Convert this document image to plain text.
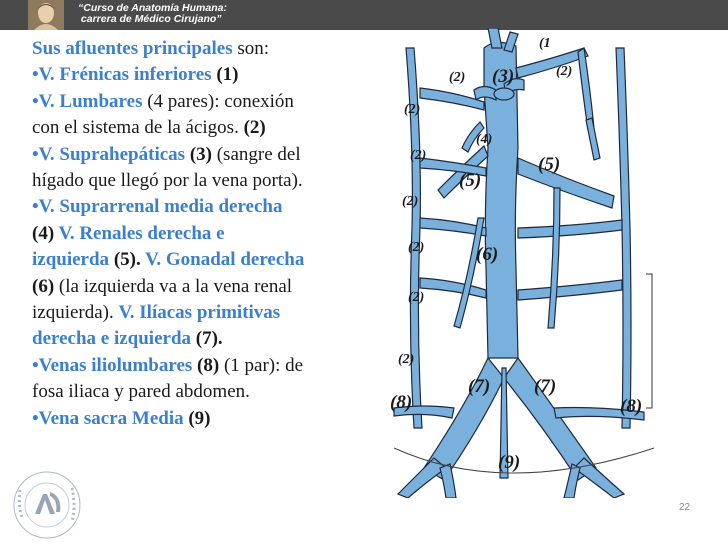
“Curso de Anatomía Humana:
carrera de Médico Cirujano”
Sus afluentes principales son:
•V. Frénicas inferiores (1)
•V. Lumbares (4 pares): conexión
con el sistema de la ácigos. (2)
•V. Suprahepáticas (3) (sangre del
hígado que llegó por la vena porta).
•V. Suprarrenal media derecha
(4) V. Renales derecha e
izquierda (5). V. Gonadal derecha
(6) (la izquierda va a la vena renal
izquierda). V. Ilíacas primitivas
derecha e izquierda (7).
•Venas iliolumbares (8) (1 par): de
fosa iliaca y pared abdomen.
•Vena sacra Media (9)
(1
(2)
(2) (3)
(2)
(4)
(2)	(5)
(5)
(2)
(2)	(6)
(2)
(2)
(7) (7)
(8)	(8)
(9)
22
